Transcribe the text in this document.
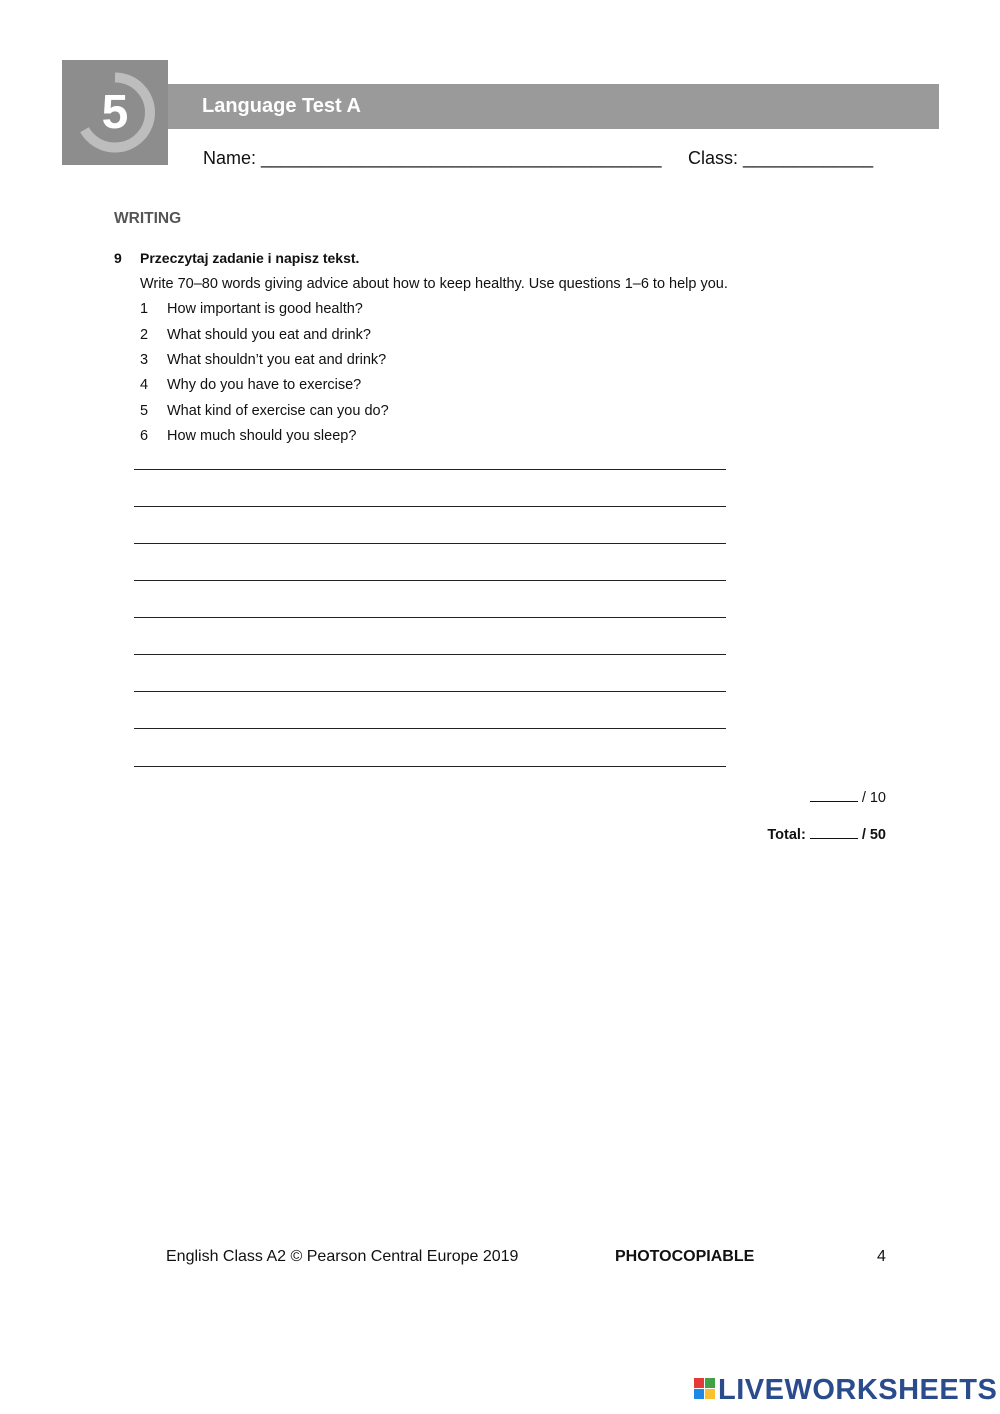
5	Language Test A
Name: ________________________________________ Class: _____________
WRITING
9 Przeczytaj zadanie i napisz tekst.
Write 70–80 words giving advice about how to keep healthy. Use questions 1–6 to help you.
1 How important is good health?
2 What should you eat and drink?
3 What shouldn’t you eat and drink?
4 Why do you have to exercise?
5 What kind of exercise can you do?
6 How much should you sleep?
/ 10
Total:	/ 50
English Class A2 © Pearson Central Europe 2019	PHOTOCOPIABLE	4
LIVEWORKSHEETS
